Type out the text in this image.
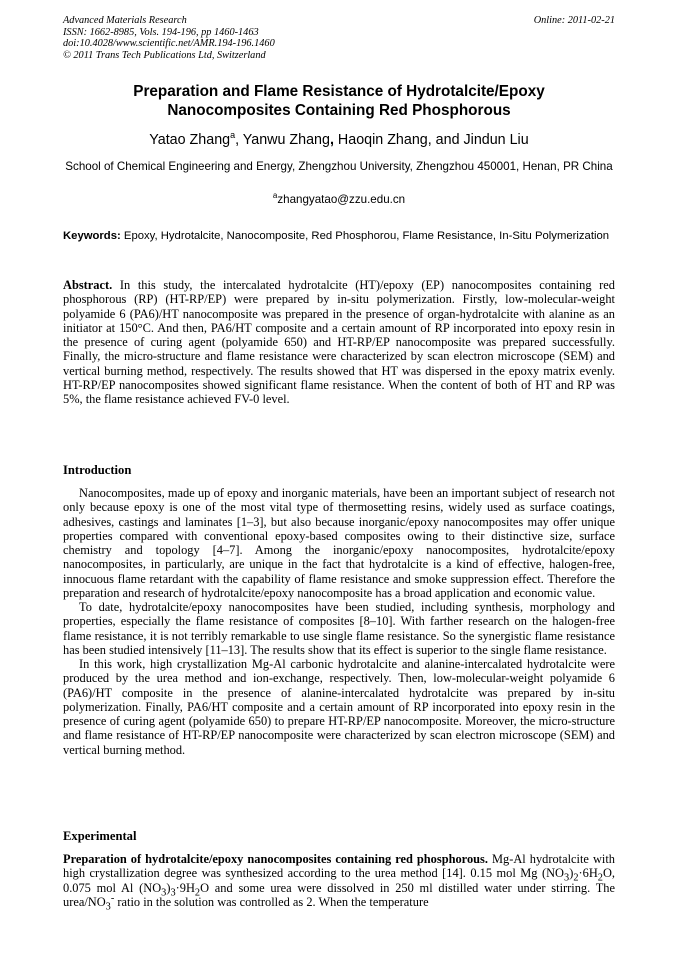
Advanced Materials Research	Online: 2011-02-21
ISSN: 1662-8985, Vols. 194-196, pp 1460-1463
doi:10.4028/www.scientific.net/AMR.194-196.1460
© 2011 Trans Tech Publications Ltd, Switzerland
Preparation and Flame Resistance of Hydrotalcite/Epoxy
Nanocomposites Containing Red Phosphorous
Yatao Zhang$^a$, Yanwu Zhang, Haoqin Zhang, and Jindun Liu
School of Chemical Engineering and Energy, Zhengzhou University, Zhengzhou 450001, Henan, PR China
$^a$zhangyatao@zzu.edu.cn
Keywords: Epoxy, Hydrotalcite, Nanocomposite, Red Phosphorou, Flame Resistance, In-Situ Polymerization
Abstract. In this study, the intercalated hydrotalcite (HT)/epoxy (EP) nanocomposites containing red phosphorous (RP) (HT-RP/EP) were prepared by in-situ polymerization. Firstly, low-molecular-weight polyamide 6 (PA6)/HT nanocomposite was prepared in the presence of organ-hydrotalcite with alanine as an initiator at 150°C. And then, PA6/HT composite and a certain amount of RP incorporated into epoxy resin in the presence of curing agent (polyamide 650) and HT-RP/EP nanocomposite was prepared successfully. Finally, the micro-structure and flame resistance were characterized by scan electron microscope (SEM) and vertical burning method, respectively. The results showed that HT was dispersed in the epoxy matrix evenly. HT-RP/EP nanocomposites showed significant flame resistance. When the content of both of HT and RP was 5%, the flame resistance achieved FV-0 level.
Introduction

Nanocomposites, made up of epoxy and inorganic materials, have been an important subject of research not only because epoxy is one of the most vital type of thermosetting resins, widely used as surface coatings, adhesives, castings and laminates [1–3], but also because inorganic/epoxy nanocomposites may offer unique properties compared with conventional epoxy-based composites owing to their distinctive size, surface chemistry and topology [4–7]. Among the inorganic/epoxy nanocomposites, hydrotalcite/epoxy nanocomposites, in particularly, are unique in the fact that hydrotalcite is a kind of effective, halogen-free, innocuous flame retardant with the capability of flame resistance and smoke suppression effect. Therefore the preparation and research of hydrotalcite/epoxy nanocomposite has a broad application and economic value.

To date, hydrotalcite/epoxy nanocomposites have been studied, including synthesis, morphology and properties, especially the flame resistance of composites [8–10]. With farther research on the halogen-free flame resistance, it is not terribly remarkable to use single flame resistance. So the synergistic flame resistance has been studied intensively [11–13]. The results show that its effect is superior to the single flame resistance.

In this work, high crystallization Mg-Al carbonic hydrotalcite and alanine-intercalated hydrotalcite were produced by the urea method and ion-exchange, respectively. Then, low-molecular-weight polyamide 6 (PA6)/HT composite in the presence of alanine-intercalated hydrotalcite was prepared by in-situ polymerization. Finally, PA6/HT composite and a certain amount of RP incorporated into epoxy resin in the presence of curing agent (polyamide 650) to prepare HT-RP/EP nanocomposite. Moreover, the micro-structure and flame resistance of HT-RP/EP nanocomposite were characterized by scan electron microscope (SEM) and vertical burning method.

Experimental
Preparation of hydrotalcite/epoxy nanocomposites containing red phosphorous. Mg-Al hydrotalcite with high crystallization degree was synthesized according to the urea method [14]. 0.15 mol Mg $(NO_3)_2\cdot 6H_2O$, 0.075 mol Al $(NO_3)_3\cdot 9H_2O$ and some urea were dissolved in 250 ml distilled water under stirring. The urea/$NO_3^-$ ratio in the solution was controlled as 2. When the temperature
